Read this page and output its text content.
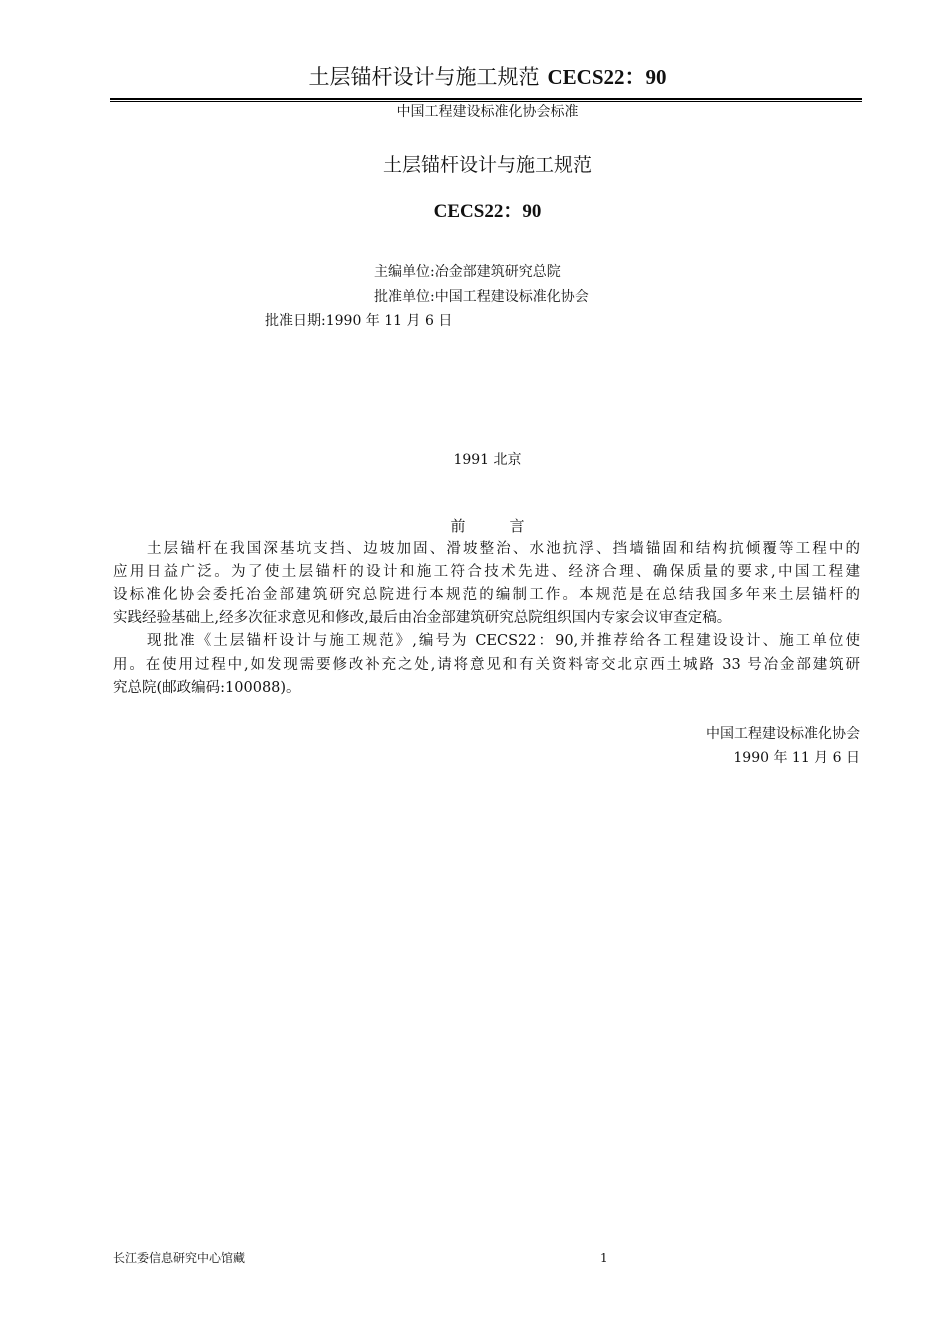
土层锚杆设计与施工规范 CECS22：90
中国工程建设标准化协会标准
土层锚杆设计与施工规范
CECS22：90
主编单位:冶金部建筑研究总院
批准单位:中国工程建设标准化协会
批准日期:1990 年 11 月 6 日
1991 北京
前言
土层锚杆在我国深基坑支挡、边坡加固、滑坡整治、水池抗浮、挡墙锚固和结构抗倾覆等工程中的
应用日益广泛。为了使土层锚杆的设计和施工符合技术先进、经济合理、确保质量的要求,中国工程建
设标准化协会委托冶金部建筑研究总院进行本规范的编制工作。本规范是在总结我国多年来土层锚杆的
实践经验基础上,经多次征求意见和修改,最后由冶金部建筑研究总院组织国内专家会议审查定稿。
现批准《土层锚杆设计与施工规范》,编号为 CECS22：90,并推荐给各工程建设设计、施工单位使
用。在使用过程中,如发现需要修改补充之处,请将意见和有关资料寄交北京西土城路 33 号冶金部建筑研
究总院(邮政编码:100088)。
中国工程建设标准化协会
1990 年 11 月 6 日
长江委信息研究中心馆藏	1
